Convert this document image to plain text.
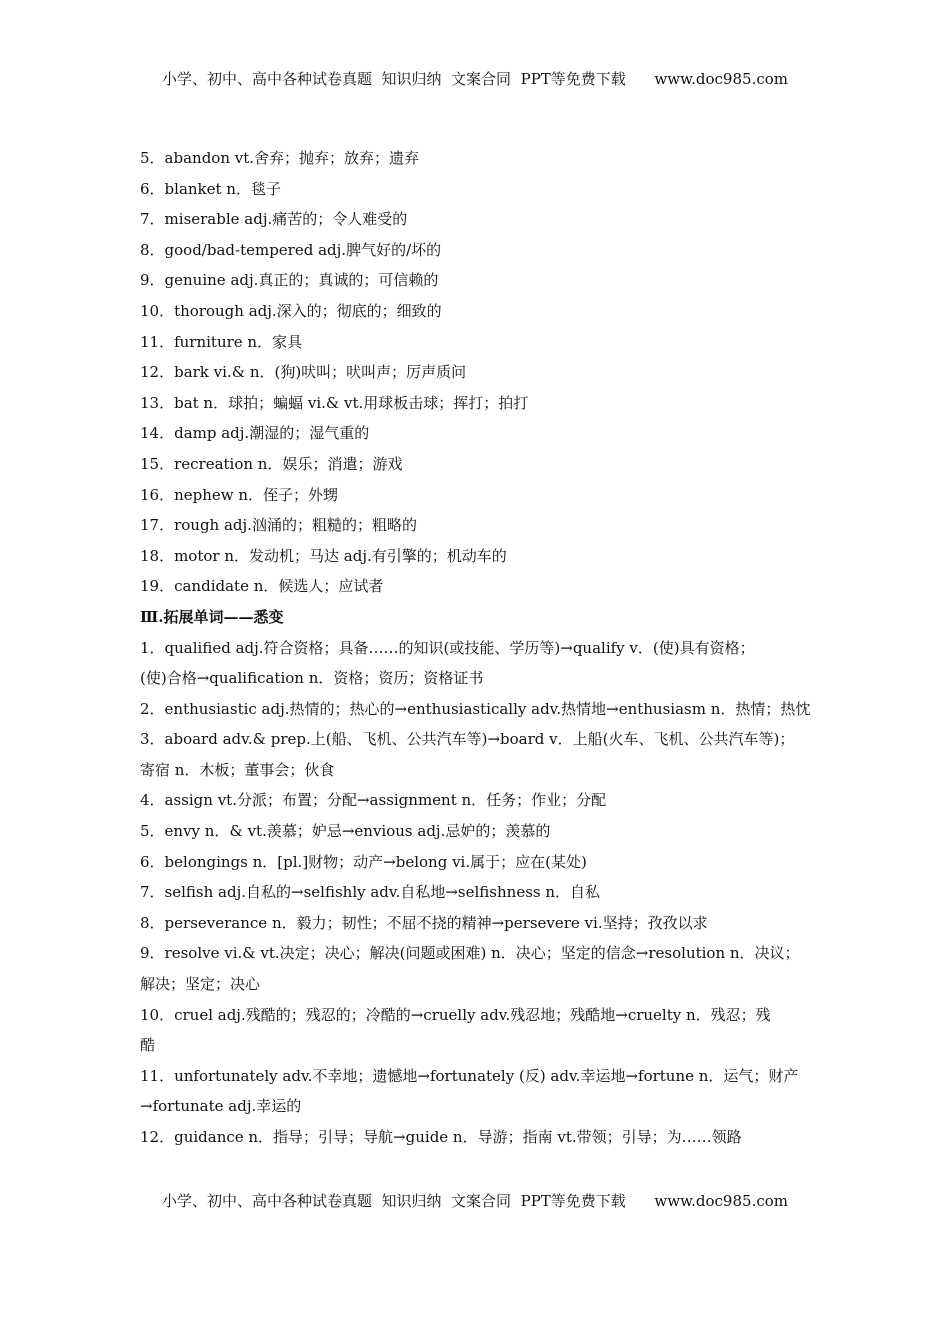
小学、初中、高中各种试卷真题  知识归纳  文案合同  PPT等免费下载      www.doc985.com
5．abandon vt.舍弃；抛弃；放弃；遗弃
6．blanket n．毯子
7．miserable adj.痛苦的；令人难受的
8．good/bad-tempered adj.脾气好的/坏的
9．genuine adj.真正的；真诚的；可信赖的
10．thorough adj.深入的；彻底的；细致的
11．furniture n．家具
12．bark vi.& n．(狗)吠叫；吠叫声；厉声质问
13．bat n．球拍；蝙蝠 vi.& vt.用球板击球；挥打；拍打
14．damp adj.潮湿的；湿气重的
15．recreation n．娱乐；消遣；游戏
16．nephew n．侄子；外甥
17．rough adj.汹涌的；粗糙的；粗略的
18．motor n．发动机；马达 adj.有引擎的；机动车的
19．candidate n．候选人；应试者
Ⅲ.拓展单词——悉变
1．qualified adj.符合资格；具备……的知识(或技能、学历等)→qualify v．(使)具有资格；
(使)合格→qualification n．资格；资历；资格证书
2．enthusiastic adj.热情的；热心的→enthusiastically adv.热情地→enthusiasm n．热情；热忱
3．aboard adv.& prep.上(船、飞机、公共汽车等)→board v．上船(火车、飞机、公共汽车等)；
寄宿 n．木板；董事会；伙食
4．assign vt.分派；布置；分配→assignment n．任务；作业；分配
5．envy n．& vt.羡慕；妒忌→envious adj.忌妒的；羡慕的
6．belongings n．[pl.]财物；动产→belong vi.属于；应在(某处)
7．selfish adj.自私的→selfishly adv.自私地→selfishness n．自私
8．perseverance n．毅力；韧性；不屈不挠的精神→persevere vi.坚持；孜孜以求
9．resolve vi.& vt.决定；决心；解决(问题或困难) n．决心；坚定的信念→resolution n．决议；
解决；坚定；决心
10．cruel adj.残酷的；残忍的；冷酷的→cruelly adv.残忍地；残酷地→cruelty n．残忍；残
酷
11．unfortunately adv.不幸地；遗憾地→fortunately (反) adv.幸运地→fortune n．运气；财产
→fortunate adj.幸运的
12．guidance n．指导；引导；导航→guide n．导游；指南 vt.带领；引导；为……领路
小学、初中、高中各种试卷真题  知识归纳  文案合同  PPT等免费下载      www.doc985.com
